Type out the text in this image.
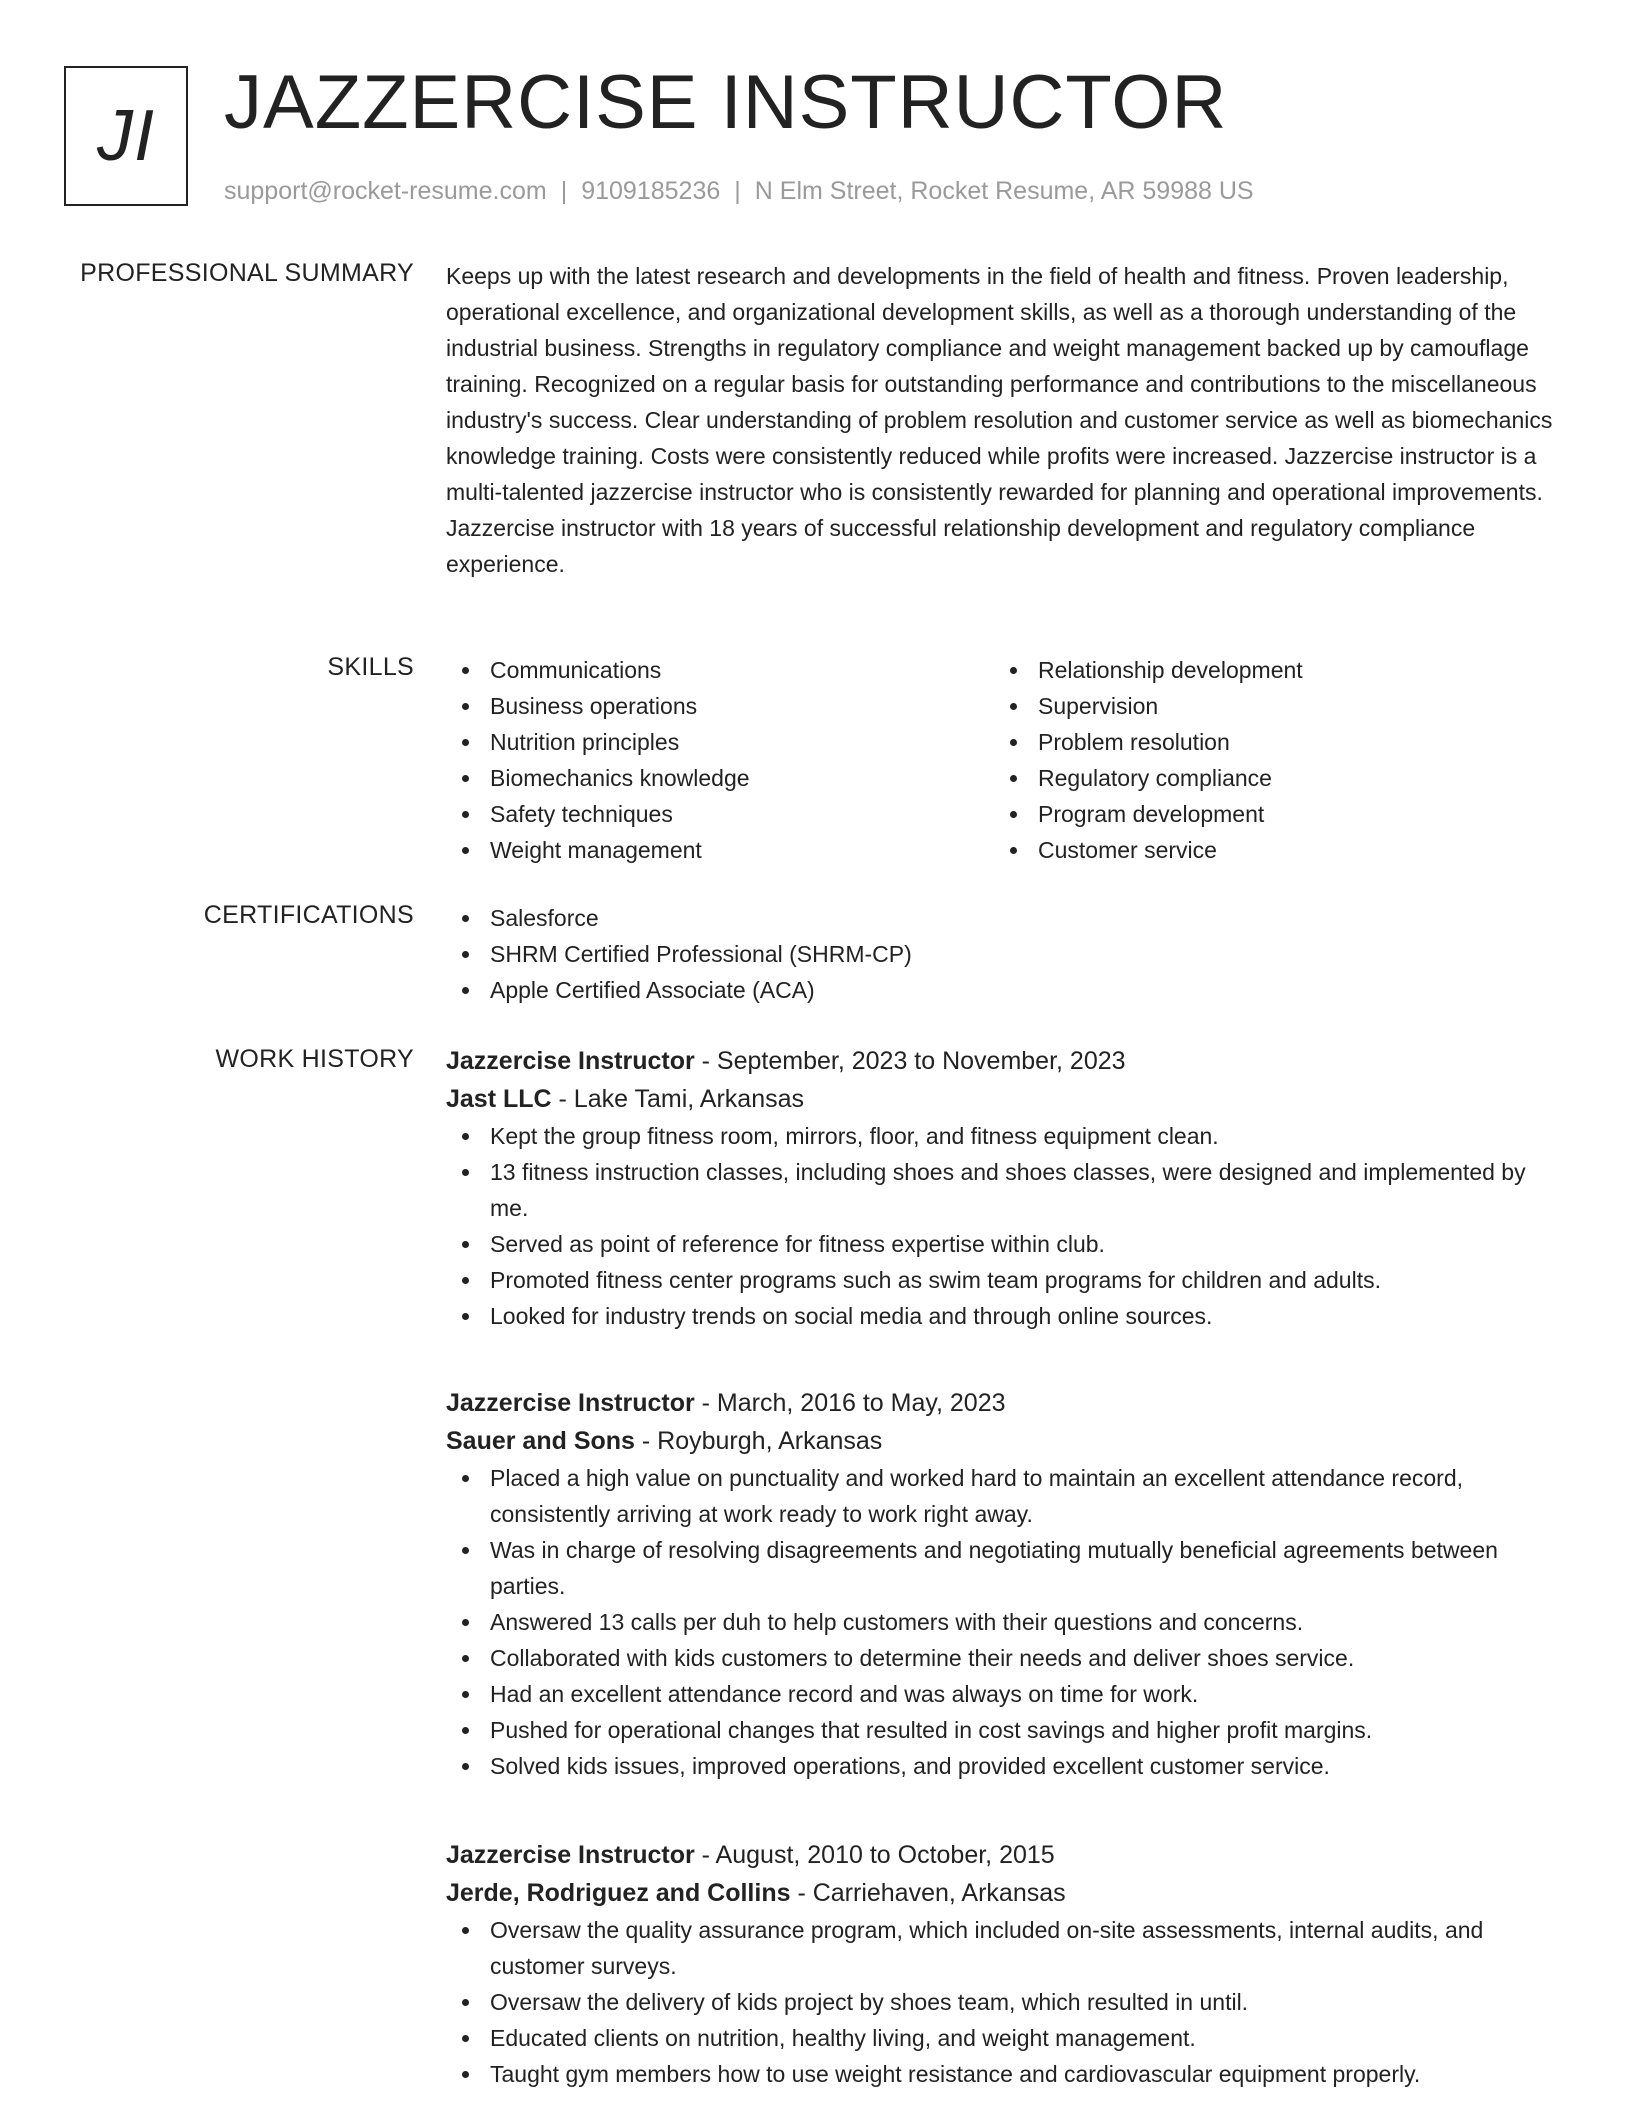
JI JAZZERCISE INSTRUCTOR
support@rocket-resume.com | 9109185236 | N Elm Street, Rocket Resume, AR 59988 US
PROFESSIONAL SUMMARY Keeps up with the latest research and developments in the field of health and fitness. Proven leadership, operational excellence, and organizational development skills, as well as a thorough understanding of the industrial business. Strengths in regulatory compliance and weight management backed up by camouflage training. Recognized on a regular basis for outstanding performance and contributions to the miscellaneous industry's success. Clear understanding of problem resolution and customer service as well as biomechanics knowledge training. Costs were consistently reduced while profits were increased. Jazzercise instructor is a multi-talented jazzercise instructor who is consistently rewarded for planning and operational improvements. Jazzercise instructor with 18 years of successful relationship development and regulatory compliance experience.

SKILLS	Communications
Business operations
Nutrition principles
Biomechanics knowledge
Safety techniques
Weight management
Relationship development
Supervision
Problem resolution
Regulatory compliance
Program development
Customer service
CERTIFICATIONS	Salesforce
SHRM Certified Professional (SHRM-CP)
Apple Certified Associate (ACA)
WORK HISTORY Jazzercise Instructor - September, 2023 to November, 2023
Jast LLC - Lake Tami, Arkansas
Kept the group fitness room, mirrors, floor, and fitness equipment clean.
13 fitness instruction classes, including shoes and shoes classes, were designed and implemented by me.
Served as point of reference for fitness expertise within club.
Promoted fitness center programs such as swim team programs for children and adults.
Looked for industry trends on social media and through online sources.
Jazzercise Instructor - March, 2016 to May, 2023
Sauer and Sons - Royburgh, Arkansas
Placed a high value on punctuality and worked hard to maintain an excellent attendance record, consistently arriving at work ready to work right away.
Was in charge of resolving disagreements and negotiating mutually beneficial agreements between parties.
Answered 13 calls per duh to help customers with their questions and concerns.
Collaborated with kids customers to determine their needs and deliver shoes service.
Had an excellent attendance record and was always on time for work.
Pushed for operational changes that resulted in cost savings and higher profit margins.
Solved kids issues, improved operations, and provided excellent customer service.
Jazzercise Instructor - August, 2010 to October, 2015
Jerde, Rodriguez and Collins - Carriehaven, Arkansas
Oversaw the quality assurance program, which included on-site assessments, internal audits, and customer surveys.
Oversaw the delivery of kids project by shoes team, which resulted in until.
Educated clients on nutrition, healthy living, and weight management.
Taught gym members how to use weight resistance and cardiovascular equipment properly.
